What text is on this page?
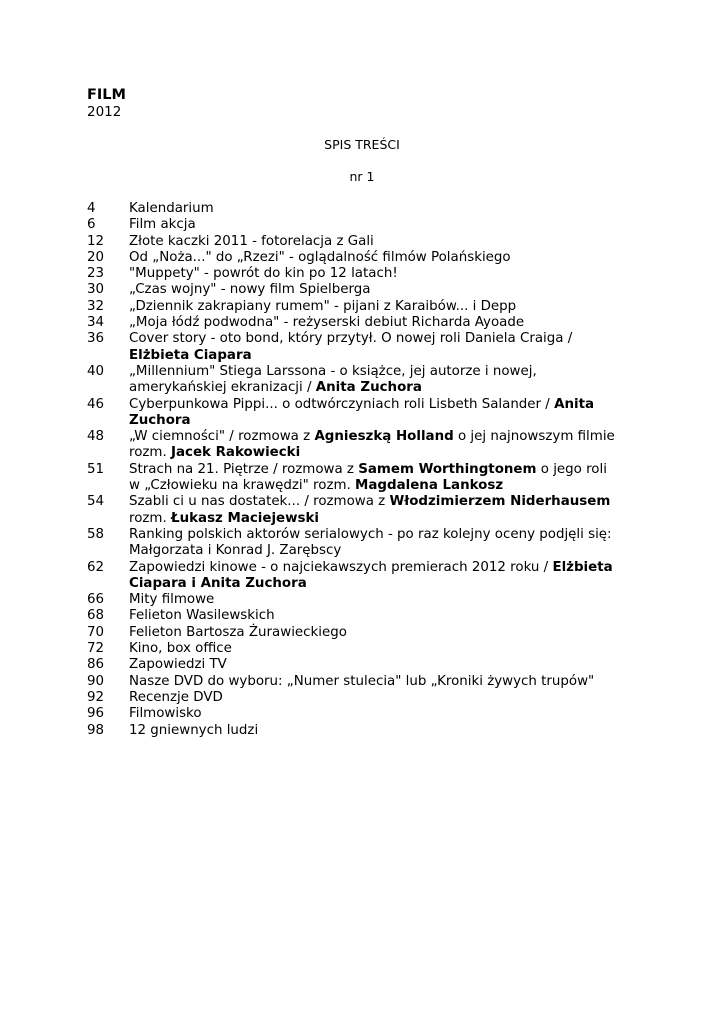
FILM
2012
SPIS TREŚCI
nr 1
4	Kalendarium
6	Film akcja
12	Złote kaczki 2011 - fotorelacja z Gali
20	Od „Noża..." do „Rzezi" - oglądalność filmów Polańskiego
23	"Muppety" - powrót do kin po 12 latach!
30	„Czas wojny" - nowy film Spielberga
32	„Dziennik zakrapiany rumem" - pijani z Karaibów... i Depp
34	„Moja łódź podwodna" - reżyserski debiut Richarda Ayoade
36	Cover story - oto bond, który przytył. O nowej roli Daniela Craiga /
Elżbieta Ciapara
40	„Millennium" Stiega Larssona - o książce, jej autorze i nowej,
amerykańskiej ekranizacji / Anita Zuchora
46	Cyberpunkowa Pippi... o odtwórczyniach roli Lisbeth Salander / Anita
Zuchora
48	„W ciemności" / rozmowa z Agnieszką Holland o jej najnowszym filmie
rozm. Jacek Rakowiecki
51	Strach na 21. Piętrze / rozmowa z Samem Worthingtonem o jego roli
w „Człowieku na krawędzi" rozm. Magdalena Lankosz
54	Szabli ci u nas dostatek... / rozmowa z Włodzimierzem Niderhausem
rozm. Łukasz Maciejewski
58	Ranking polskich aktorów serialowych - po raz kolejny oceny podjęli się:
Małgorzata i Konrad J. Zarębscy
62	Zapowiedzi kinowe - o najciekawszych premierach 2012 roku / Elżbieta
Ciapara i Anita Zuchora
66	Mity filmowe
68	Felieton Wasilewskich
70	Felieton Bartosza Żurawieckiego
72	Kino, box office
86	Zapowiedzi TV
90	Nasze DVD do wyboru: „Numer stulecia" lub „Kroniki żywych trupów"
92	Recenzje DVD
96	Filmowisko
98	12 gniewnych ludzi
